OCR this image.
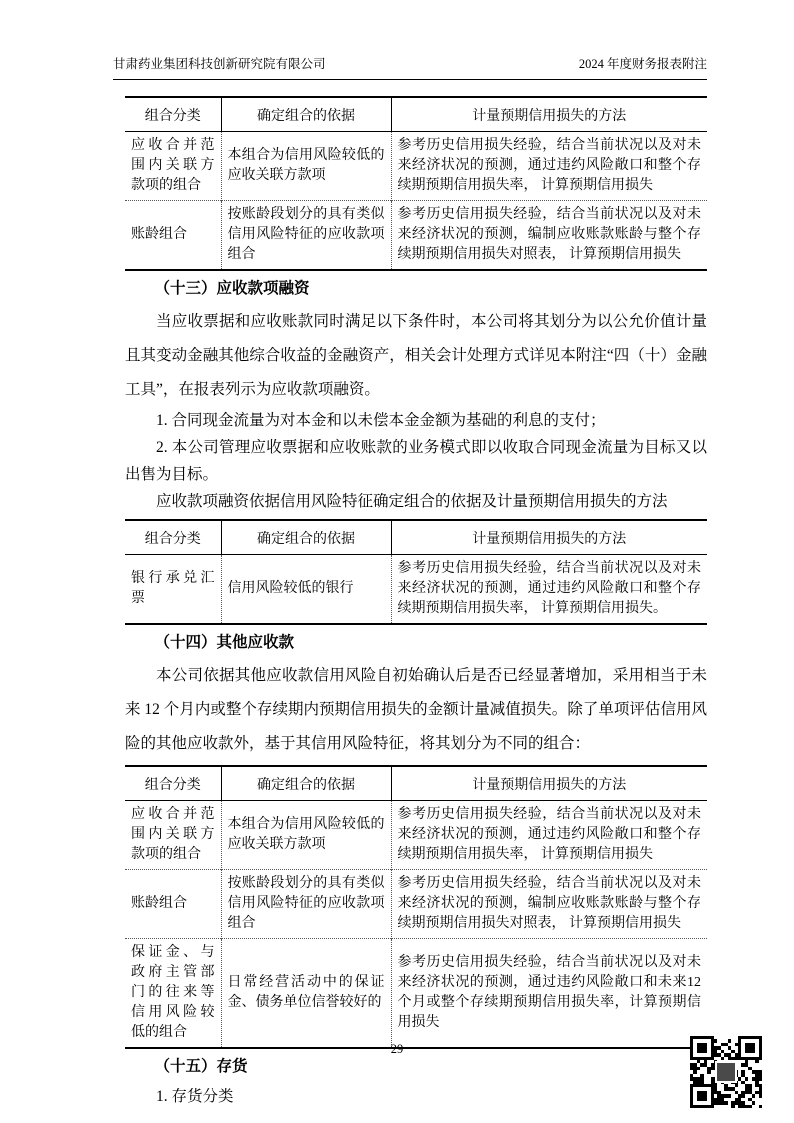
甘肃药业集团科技创新研究院有限公司	2024 年度财务报表附注
组合分类	确定组合的依据	计量预期信用损失的方法
应收合并范围内关联方款项的组合	本组合为信用风险较低的应收关联方款项	参考历史信用损失经验，结合当前状况以及对未来经济状况的预测，通过违约风险敞口和整个存续期预期信用损失率， 计算预期信用损失
账龄组合	按账龄段划分的具有类似信用风险特征的应收款项组合	参考历史信用损失经验，结合当前状况以及对未来经济状况的预测，编制应收账款账龄与整个存续期预期信用损失对照表， 计算预期信用损失
（十三）应收款项融资

当应收票据和应收账款同时满足以下条件时，本公司将其划分为以公允价值计量且其变动金融其他综合收益的金融资产，相关会计处理方式详见本附注“四（十）金融工具”，在报表列示为应收款项融资。

1. 合同现金流量为对本金和以未偿本金金额为基础的利息的支付；

2. 本公司管理应收票据和应收账款的业务模式即以收取合同现金流量为目标又以出售为目标。

应收款项融资依据信用风险特征确定组合的依据及计量预期信用损失的方法

组合分类	确定组合的依据	计量预期信用损失的方法
银行承兑汇票	信用风险较低的银行	参考历史信用损失经验，结合当前状况以及对未来经济状况的预测，通过违约风险敞口和整个存续期预期信用损失率， 计算预期信用损失。
（十四）其他应收款

本公司依据其他应收款信用风险自初始确认后是否已经显著增加，采用相当于未来 12 个月内或整个存续期内预期信用损失的金额计量减值损失。除了单项评估信用风险的其他应收款外，基于其信用风险特征，将其划分为不同的组合：

组合分类	确定组合的依据	计量预期信用损失的方法
应收合并范围内关联方款项的组合	本组合为信用风险较低的应收关联方款项	参考历史信用损失经验，结合当前状况以及对未来经济状况的预测，通过违约风险敞口和整个存续期预期信用损失率， 计算预期信用损失
账龄组合	按账龄段划分的具有类似信用风险特征的应收款项组合	参考历史信用损失经验，结合当前状况以及对未来经济状况的预测，编制应收账款账龄与整个存续期预期信用损失对照表， 计算预期信用损失
保证金、与政府主管部门的往来等信用风险较低的组合	日常经营活动中的保证金、债务单位信誉较好的	参考历史信用损失经验，结合当前状况以及对未来经济状况的预测，通过违约风险敞口和未来12个月或整个存续期预期信用损失率，计算预期信用损失
（十五）存货

1. 存货分类

29
